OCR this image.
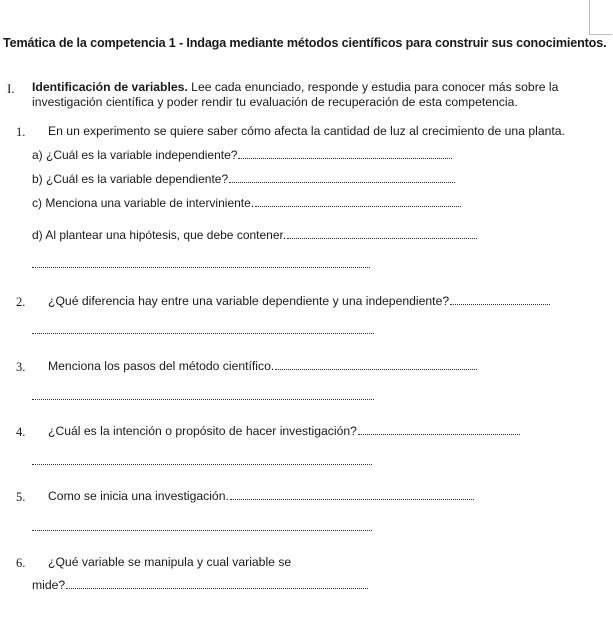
Temática de la competencia 1 - Indaga mediante métodos científicos para construir sus conocimientos.
I. Identificación de variables. Lee cada enunciado, responde y estudia para conocer más sobre la
investigación científica y poder rendir tu evaluación de recuperación de esta competencia.
1. En un experimento se quiere saber cómo afecta la cantidad de luz al crecimiento de una planta.
a) ¿Cuál es la variable independiente?
b) ¿Cuál es la variable dependiente?
c) Menciona una variable de interviniente.
d) Al plantear una hipótesis, que debe contener.
2. ¿Qué diferencia hay entre una variable dependiente y una independiente?
3. Menciona los pasos del método científico.
4. ¿Cuál es la intención o propósito de hacer investigación?
5. Como se inicia una investigación.
6. ¿Qué variable se manipula y cual variable se
mide?
